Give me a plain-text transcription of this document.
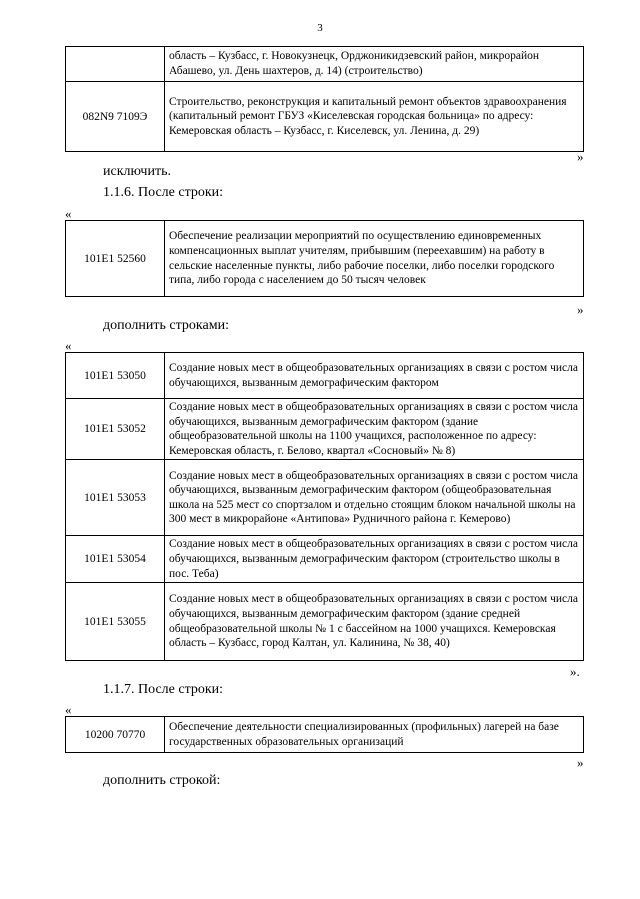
3
	область – Кузбасс, г. Новокузнецк, Орджоникидзевский район, микрорайон Абашево, ул. День шахтеров, д. 14) (строительство)
082N9 7109Э	Строительство, реконструкция и капитальный ремонт объектов здравоохранения (капитальный ремонт ГБУЗ «Киселевская городская больница» по адресу: Кемеровская область – Кузбасс, г. Киселевск, ул. Ленина, д. 29)
»
исключить.
1.1.6. После строки:
«
101E1 52560	Обеспечение реализации мероприятий по осуществлению единовременных компенсационных выплат учителям, прибывшим (переехавшим) на работу в сельские населенные пункты, либо рабочие поселки, либо поселки городского типа, либо города с населением до 50 тысяч человек
»
дополнить строками:
«
101E1 53050	Создание новых мест в общеобразовательных организациях в связи с ростом числа обучающихся, вызванным демографическим фактором
101E1 53052	Создание новых мест в общеобразовательных организациях в связи с ростом числа обучающихся, вызванным демографическим фактором (здание общеобразовательной школы на 1100 учащихся, расположенное по адресу: Кемеровская область, г. Белово, квартал «Сосновый» № 8)
101E1 53053	Создание новых мест в общеобразовательных организациях в связи с ростом числа обучающихся, вызванным демографическим фактором (общеобразовательная школа на 525 мест со спортзалом и отдельно стоящим блоком начальной школы на 300 мест в микрорайоне «Антипова» Рудничного района г. Кемерово)
101E1 53054	Создание новых мест в общеобразовательных организациях в связи с ростом числа обучающихся, вызванным демографическим фактором (строительство школы в пос. Теба)
101E1 53055	Создание новых мест в общеобразовательных организациях в связи с ростом числа обучающихся, вызванным демографическим фактором (здание средней общеобразовательной школы № 1 с бассейном на 1000 учащихся. Кемеровская область – Кузбасс, город Калтан, ул. Калинина, № 38, 40)
».
1.1.7. После строки:
«
10200 70770	Обеспечение деятельности специализированных (профильных) лагерей на базе государственных образовательных организаций
»
дополнить строкой:
